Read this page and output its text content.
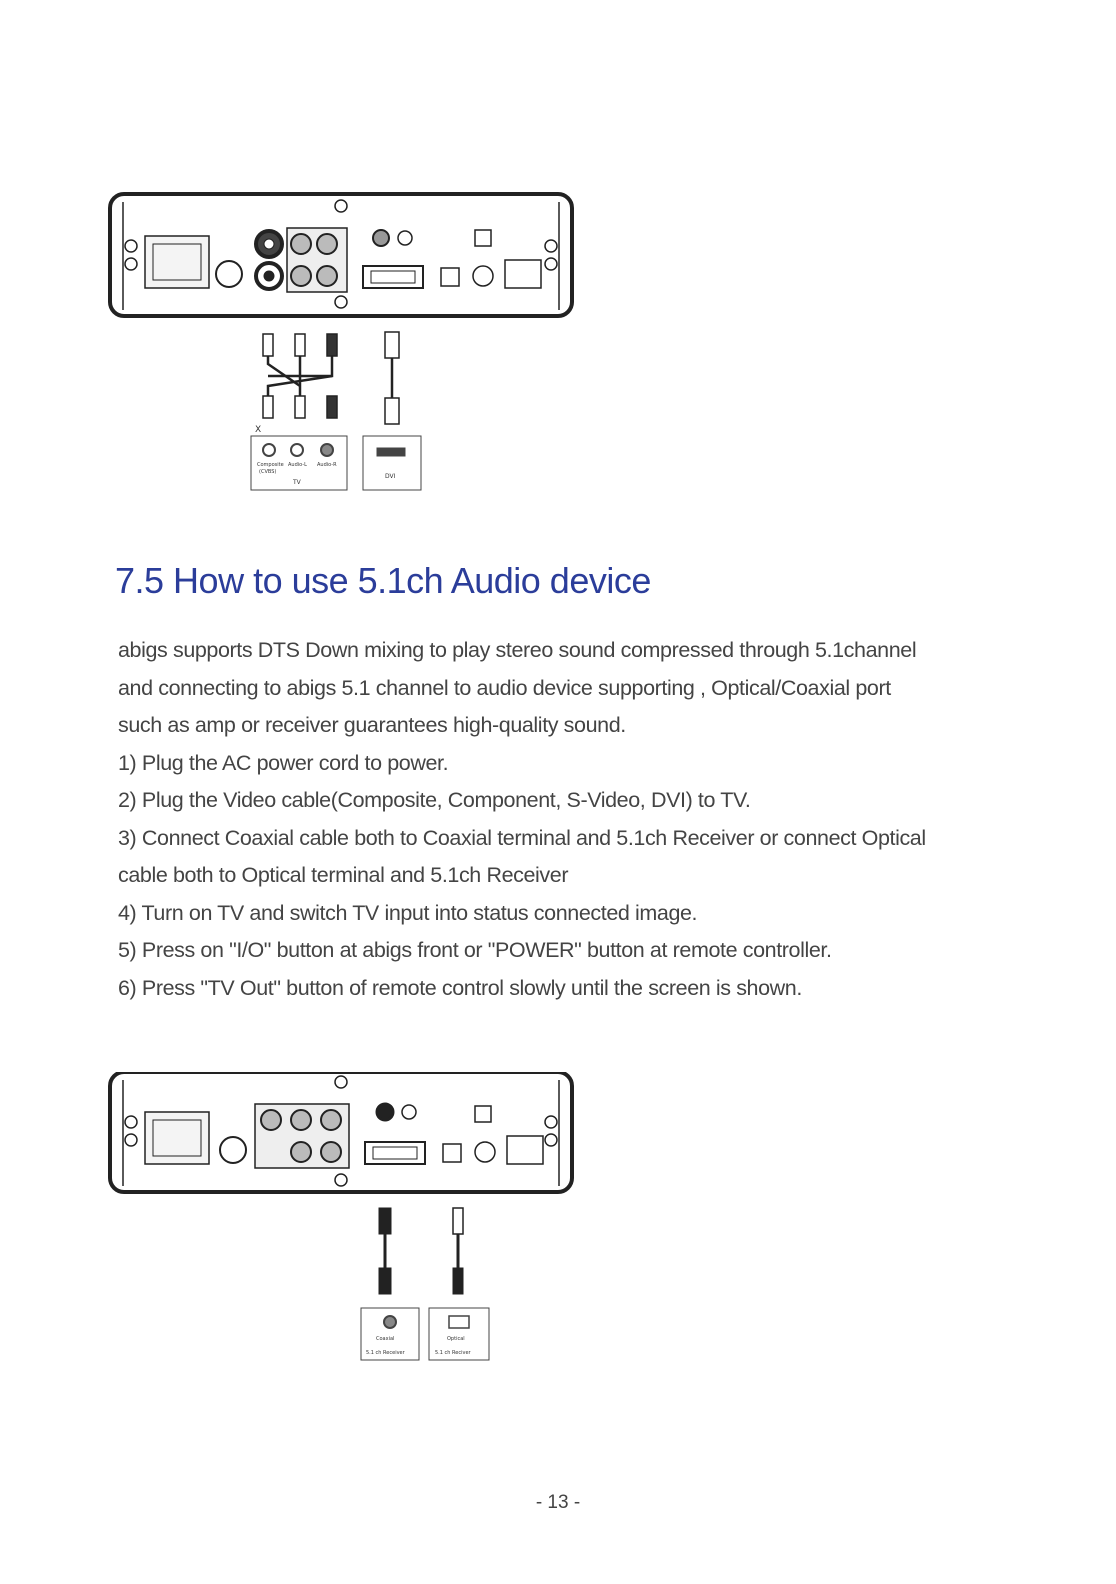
X
Composite
(CVBS)
Audio-L Audio-R
TV
DVI
7.5 How to use 5.1ch Audio device

abigs supports DTS Down mixing to play stereo sound compressed through 5.1channel

and connecting to abigs 5.1 channel to audio device supporting , Optical/Coaxial port

such as amp or receiver guarantees high-quality sound.

1) Plug the AC power cord to power.

2) Plug the Video cable(Composite, Component, S-Video, DVI) to TV.

3) Connect Coaxial cable both to Coaxial terminal and 5.1ch Receiver or connect Optical

cable both to Optical terminal and 5.1ch Receiver

4) Turn on TV and switch TV input into status connected image.

5) Press on "I/O" button at abigs front or "POWER" button at remote controller.

6) Press "TV Out" button of remote control slowly until the screen is shown.

Coaxial
5.1 ch Receiver
Optical
5.1 ch Reciver
- 13 -
